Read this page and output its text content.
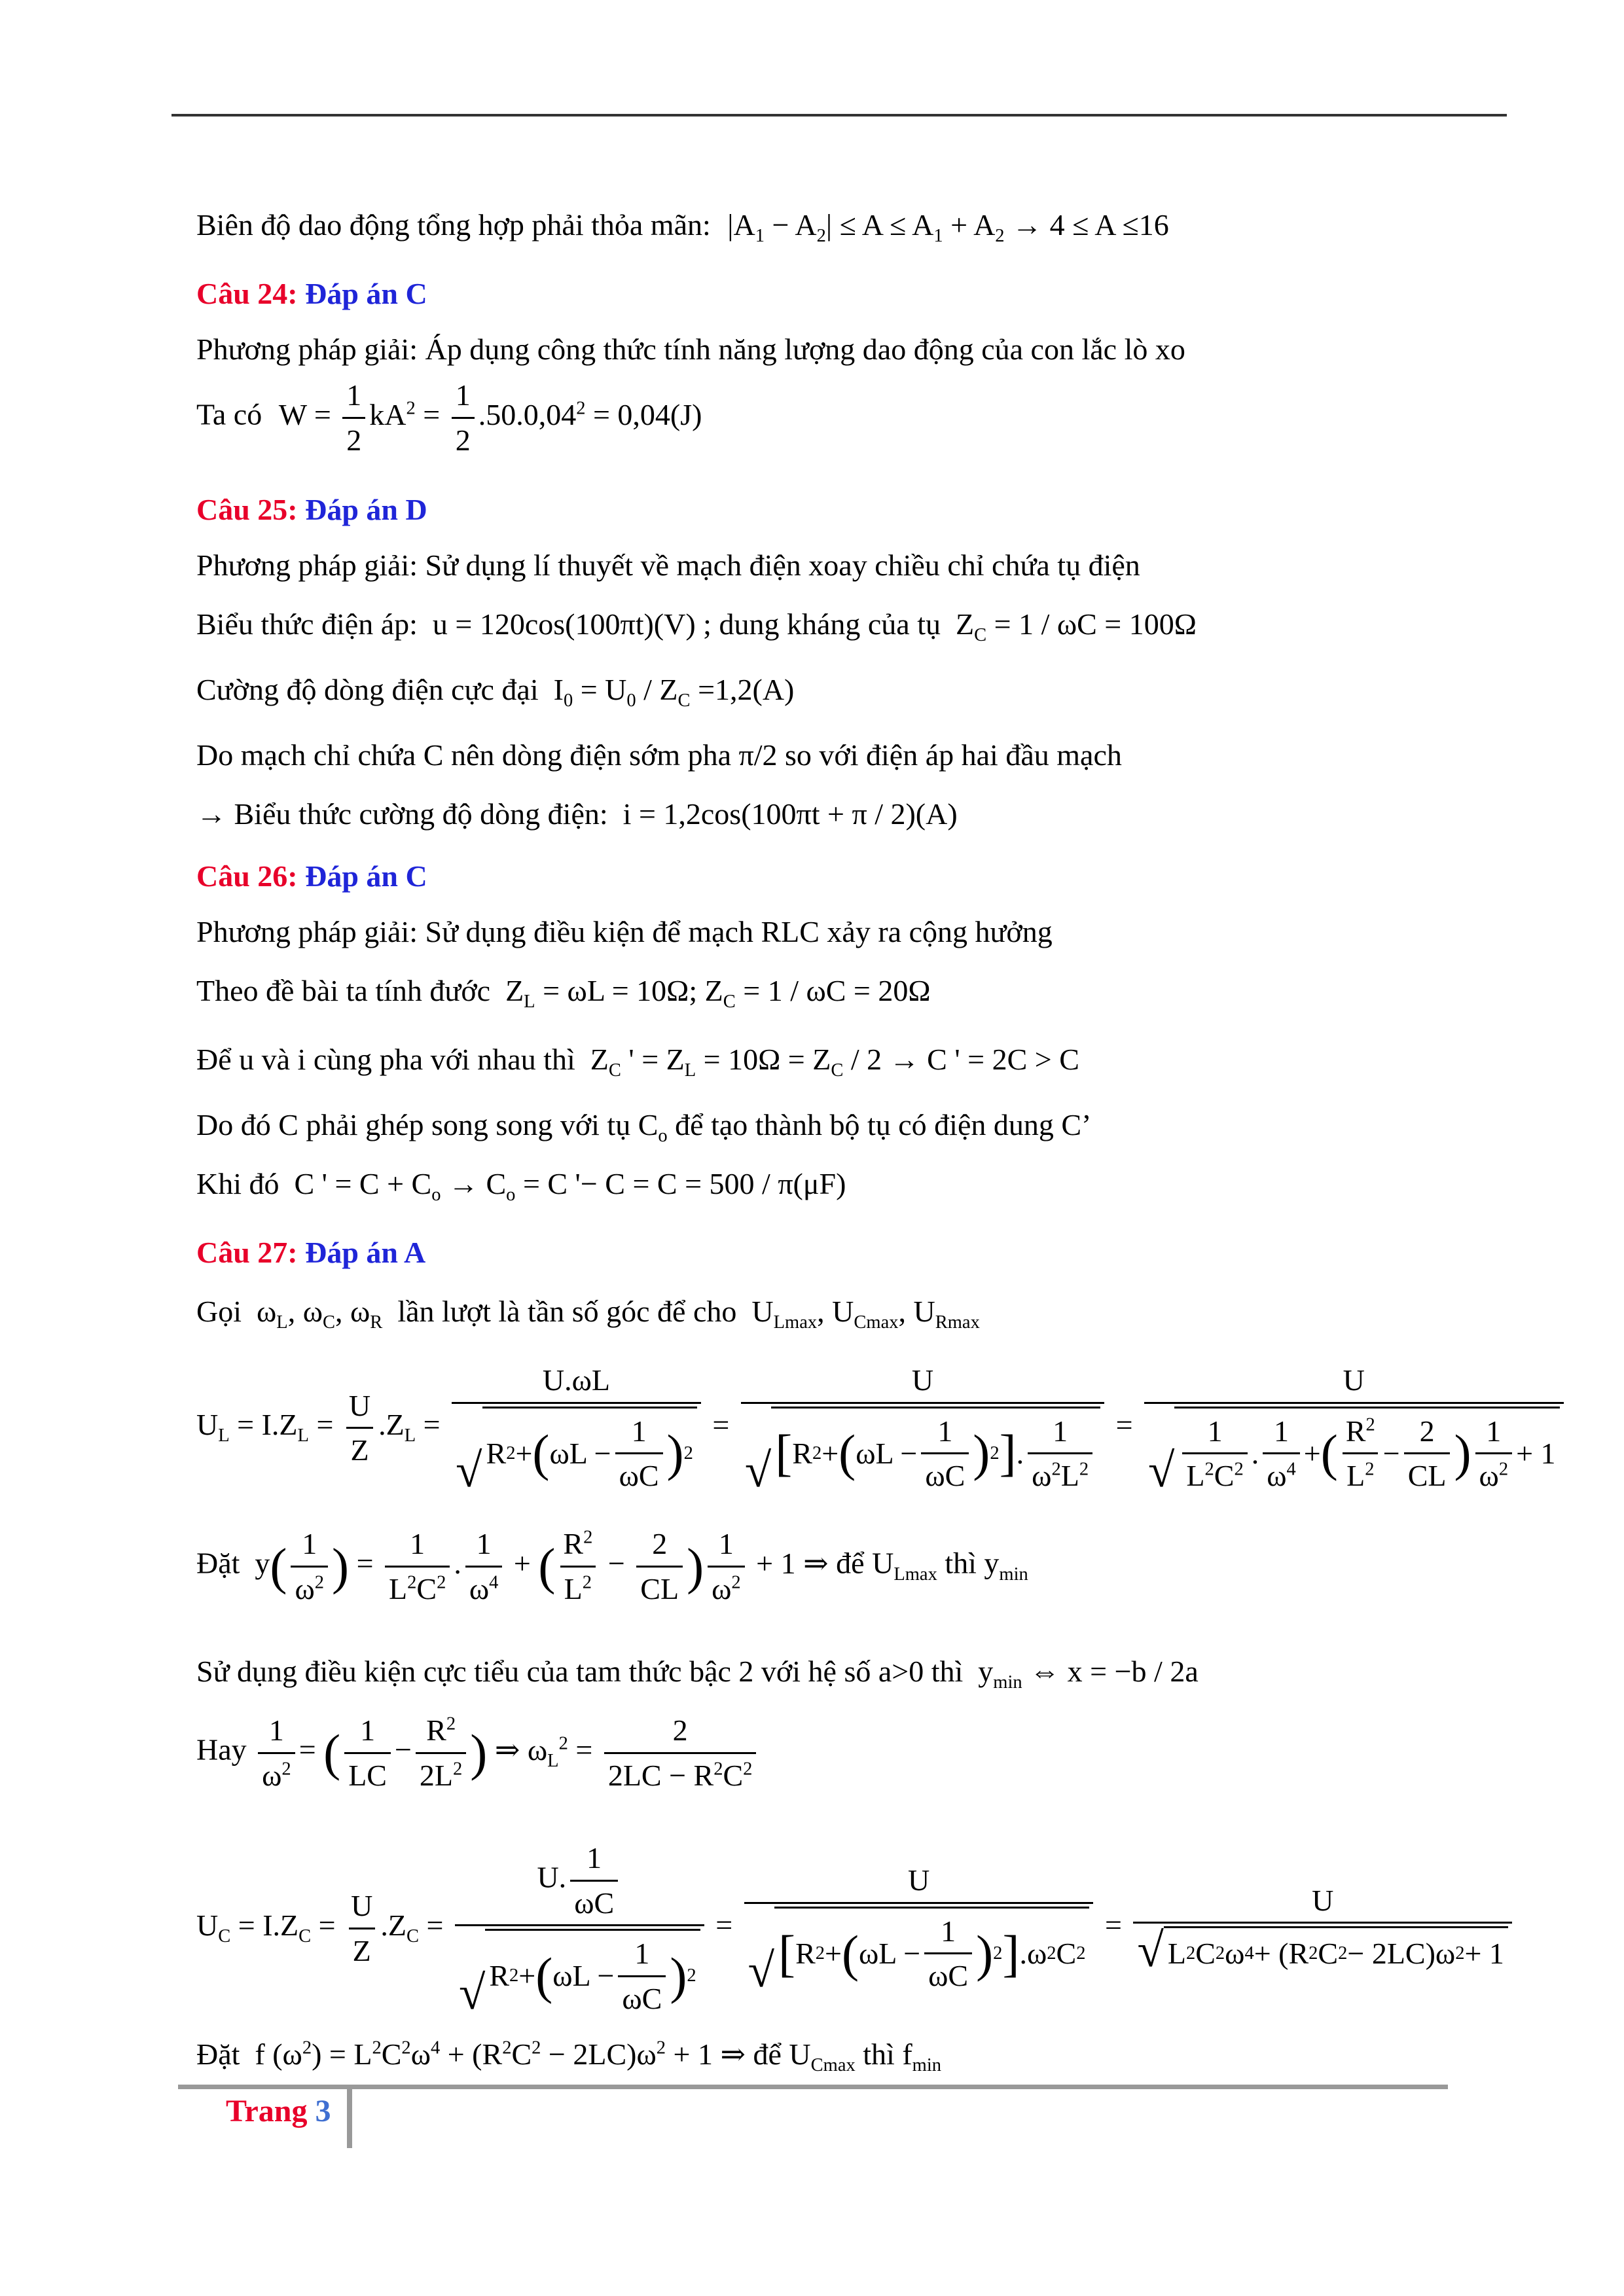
Biên độ dao động tổng hợp phải thỏa mãn: $|A_1 - A_2| \le A \le A_1 + A_2 \to 4 \le A \le 16$
Câu 24: Đáp án C
Phương pháp giải: Áp dụng công thức tính năng lượng dao động của con lắc lò xo
Ta có $W = \frac{1}{2} kA^2 = \frac{1}{2} .50.0,04^2 = 0,04(J)$
Câu 25: Đáp án D
Phương pháp giải: Sử dụng lí thuyết về mạch điện xoay chiều chỉ chứa tụ điện
Biểu thức điện áp:  u = 120cos(100πt)(V) ; dung kháng của tụ  $Z_C = 1 / \omega C = 100\Omega$
Cường độ dòng điện cực đại  $I_0 = U_0 / Z_C =1,2(A)$
Do mạch chỉ chứa C nên dòng điện sớm pha π/2 so với điện áp hai đầu mạch
→ Biểu thức cường độ dòng điện:  i = 1,2cos(100πt + π / 2)(A)
Câu 26: Đáp án C
Phương pháp giải: Sử dụng điều kiện để mạch RLC xảy ra cộng hưởng
Theo đề bài ta tính đước  $Z_L = \omega L = 10\Omega$; $Z_C = 1 / \omega C = 20\Omega$
Để u và i cùng pha với nhau thì  $Z_C$ ' = $Z_L = 10\Omega = Z_C / 2 \to C$ ' = 2C > C
Do đó C phải ghép song song với tụ $C_o$ để tạo thành bộ tụ có điện dung C’
Khi đó  C ' = $C + C_o \to C_o = C$ '− C = C = 500 / π(μF)
Câu 27: Đáp án A
Gọi  $\omega_L$, $\omega_C$, $\omega_R$ lần lượt là tần số góc để cho  $U_{Lmax}$, $U_{Cmax}$, $U_{Rmax}$
$U_L = I.Z_L = \frac{U}{Z} .Z_L = \frac{U.\omega L}{√ R 2 + ( \omega L - \frac{1}{\omega C} ) 2} = \frac{U}{√ [ R 2 + ( \omega L - \frac{1}{\omega C} ) 2 ] . \frac{1}{\omega^2L^2}} = \frac{U}{√ \frac{1}{L^2C^2} . \frac{1}{\omega^4} + ( \frac{R^2}{L^2} - \frac{2}{CL} ) \frac{1}{\omega^2} + 1}$
Đặt  $y( \frac{1}{\omega^2}$ ) = $\frac{1}{L^2C^2}$ . $\frac{1}{\omega^4}$ + ( $\frac{R^2}{L^2} - \frac{2}{CL}$ ) $\frac{1}{\omega^2} + 1$ ⇒ để $U_{Lmax}$ thì $y_{min}$
Sử dụng điều kiện cực tiểu của tam thức bậc 2 với hệ số a>0 thì  $y_{min}$ ⇔ x = −b / 2a
Hay $\frac{1}{\omega^2}$ = ( $\frac{1}{LC} - \frac{R^2}{2L^2}$ ) ⇒ $\omega_L^2 = \frac{2}{2LC - R^2C^2}$
$U_C = I.Z_C = \frac{U}{Z} .Z_C = \frac{U. \frac{1}{\omega C}}{√ R 2 + ( \omega L - \frac{1}{\omega C} ) 2} = \frac{U}{√ [ R 2 + ( \omega L - \frac{1}{\omega C} ) 2 ] .\omega 2 C 2} = \frac{U}{√ L 2 C 2 \omega 4 + (R 2 C 2 - 2LC)\omega 2 + 1}$
Đặt  f $(\omega^2) = L^2C^2\omega^4 + (R^2C^2 - 2LC)\omega^2 + 1$ ⇒ để $U_{Cmax}$ thì $f_{min}$
Trang 3
